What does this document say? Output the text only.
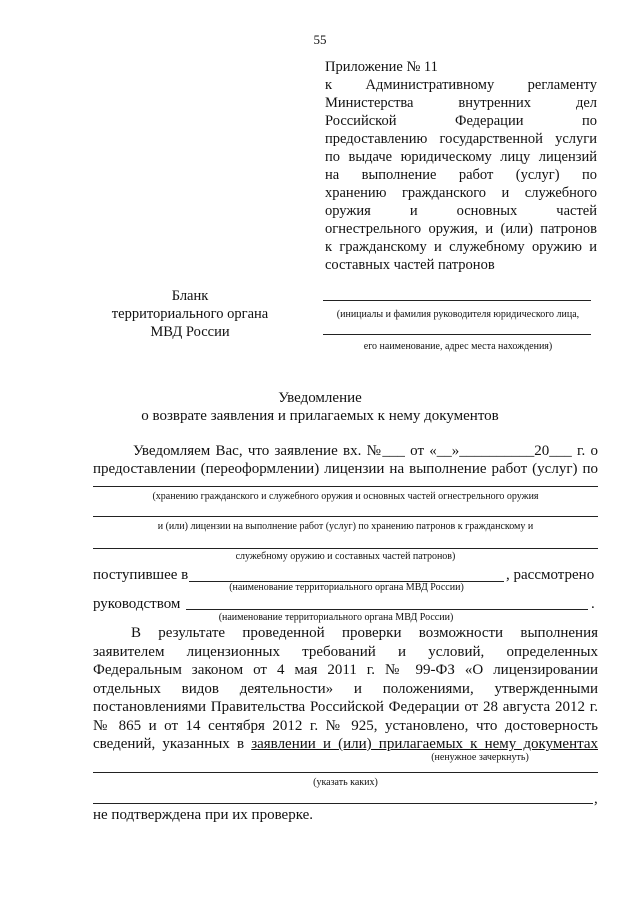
55
Приложение № 11
к Административному регламенту
Министерства внутренних дел
Российской Федерации по
предоставлению государственной услуги
по выдаче юридическому лицу лицензий
на выполнение работ (услуг) по
хранению гражданского и служебного
оружия и основных частей
огнестрельного оружия, и (или) патронов
к гражданскому и служебному оружию и
составных частей патронов
Бланк
территориального органа
МВД России
(инициалы и фамилия руководителя юридического лица,
его наименование, адрес места нахождения)
Уведомление
о возврате заявления и прилагаемых к нему документов
Уведомляем Вас, что заявление вх. №___ от «__»__________20___ г. о
предоставлении (переоформлении) лицензии на выполнение работ (услуг) по
(хранению гражданского и служебного оружия и основных частей огнестрельного оружия
и (или) лицензии на выполнение работ (услуг) по хранению патронов к гражданскому и
служебному оружию и составных частей патронов)
поступившее в	, рассмотрено
(наименование территориального органа МВД России)
руководством	.
(наименование территориального органа МВД России)
В результате проведенной проверки возможности выполнения
заявителем лицензионных требований и условий, определенных
Федеральным законом от 4 мая 2011 г. № 99-ФЗ «О лицензировании
отдельных видов деятельности» и положениями, утвержденными
постановлениями Правительства Российской Федерации от 28 августа 2012 г.
№ 865 и от 14 сентября 2012 г. № 925, установлено, что достоверность
сведений, указанных в заявлении и (или) прилагаемых к нему документах
(ненужное зачеркнуть)
(указать каких)
,
не подтверждена при их проверке.
